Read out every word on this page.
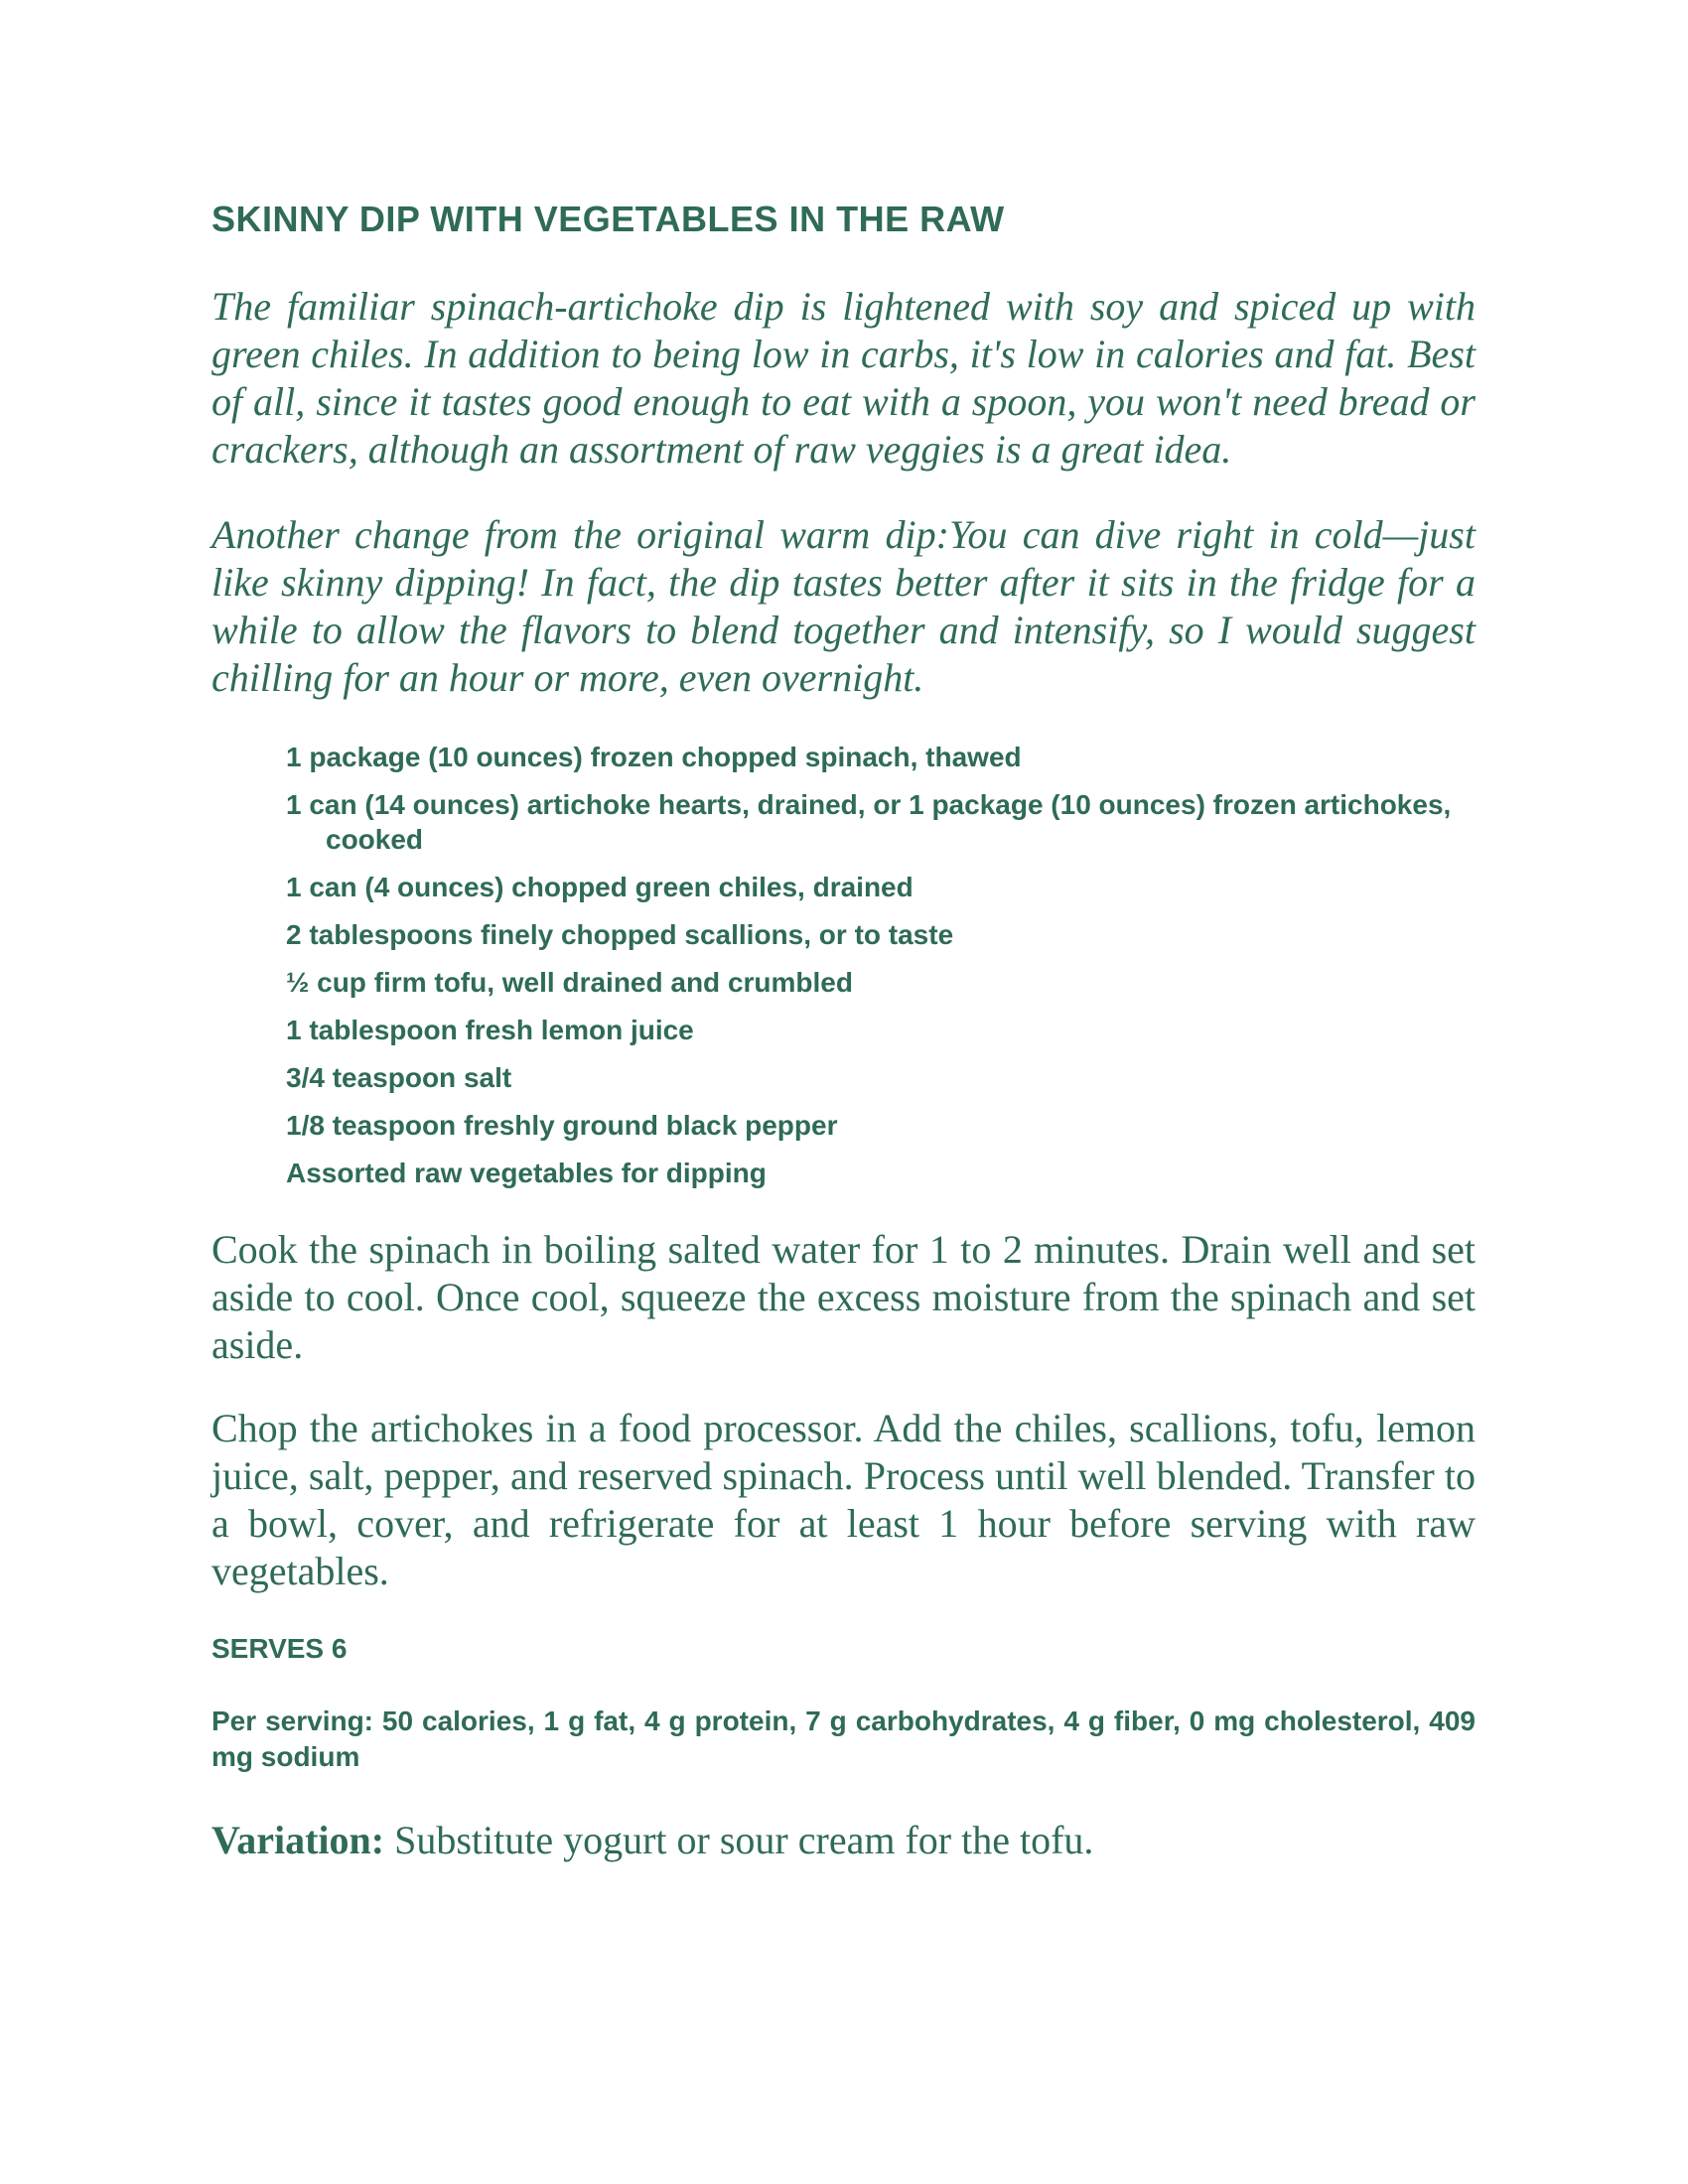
SKINNY DIP WITH VEGETABLES IN THE RAW

The familiar spinach-artichoke dip is lightened with soy and spiced up with green chiles. In addition to being low in carbs, it's low in calories and fat. Best of all, since it tastes good enough to eat with a spoon, you won't need bread or crackers, although an assortment of raw veggies is a great idea.

Another change from the original warm dip:You can dive right in cold—just like skinny dipping! In fact, the dip tastes better after it sits in the fridge for a while to allow the flavors to blend together and intensify, so I would suggest chilling for an hour or more, even overnight.

1 package (10 ounces) frozen chopped spinach, thawed
1 can (14 ounces) artichoke hearts, drained, or 1 package (10 ounces) frozen artichokes, cooked
1 can (4 ounces) chopped green chiles, drained
2 tablespoons finely chopped scallions, or to taste
½ cup firm tofu, well drained and crumbled
1 tablespoon fresh lemon juice
3/4 teaspoon salt
1/8 teaspoon freshly ground black pepper
Assorted raw vegetables for dipping

Cook the spinach in boiling salted water for 1 to 2 minutes. Drain well and set aside to cool. Once cool, squeeze the excess moisture from the spinach and set aside.

Chop the artichokes in a food processor. Add the chiles, scallions, tofu, lemon juice, salt, pepper, and reserved spinach. Process until well blended. Transfer to a bowl, cover, and refrigerate for at least 1 hour before serving with raw vegetables.

SERVES 6

Per serving: 50 calories, 1 g fat, 4 g protein, 7 g carbohydrates, 4 g fiber, 0 mg cholesterol, 409 mg sodium

Variation: Substitute yogurt or sour cream for the tofu.
